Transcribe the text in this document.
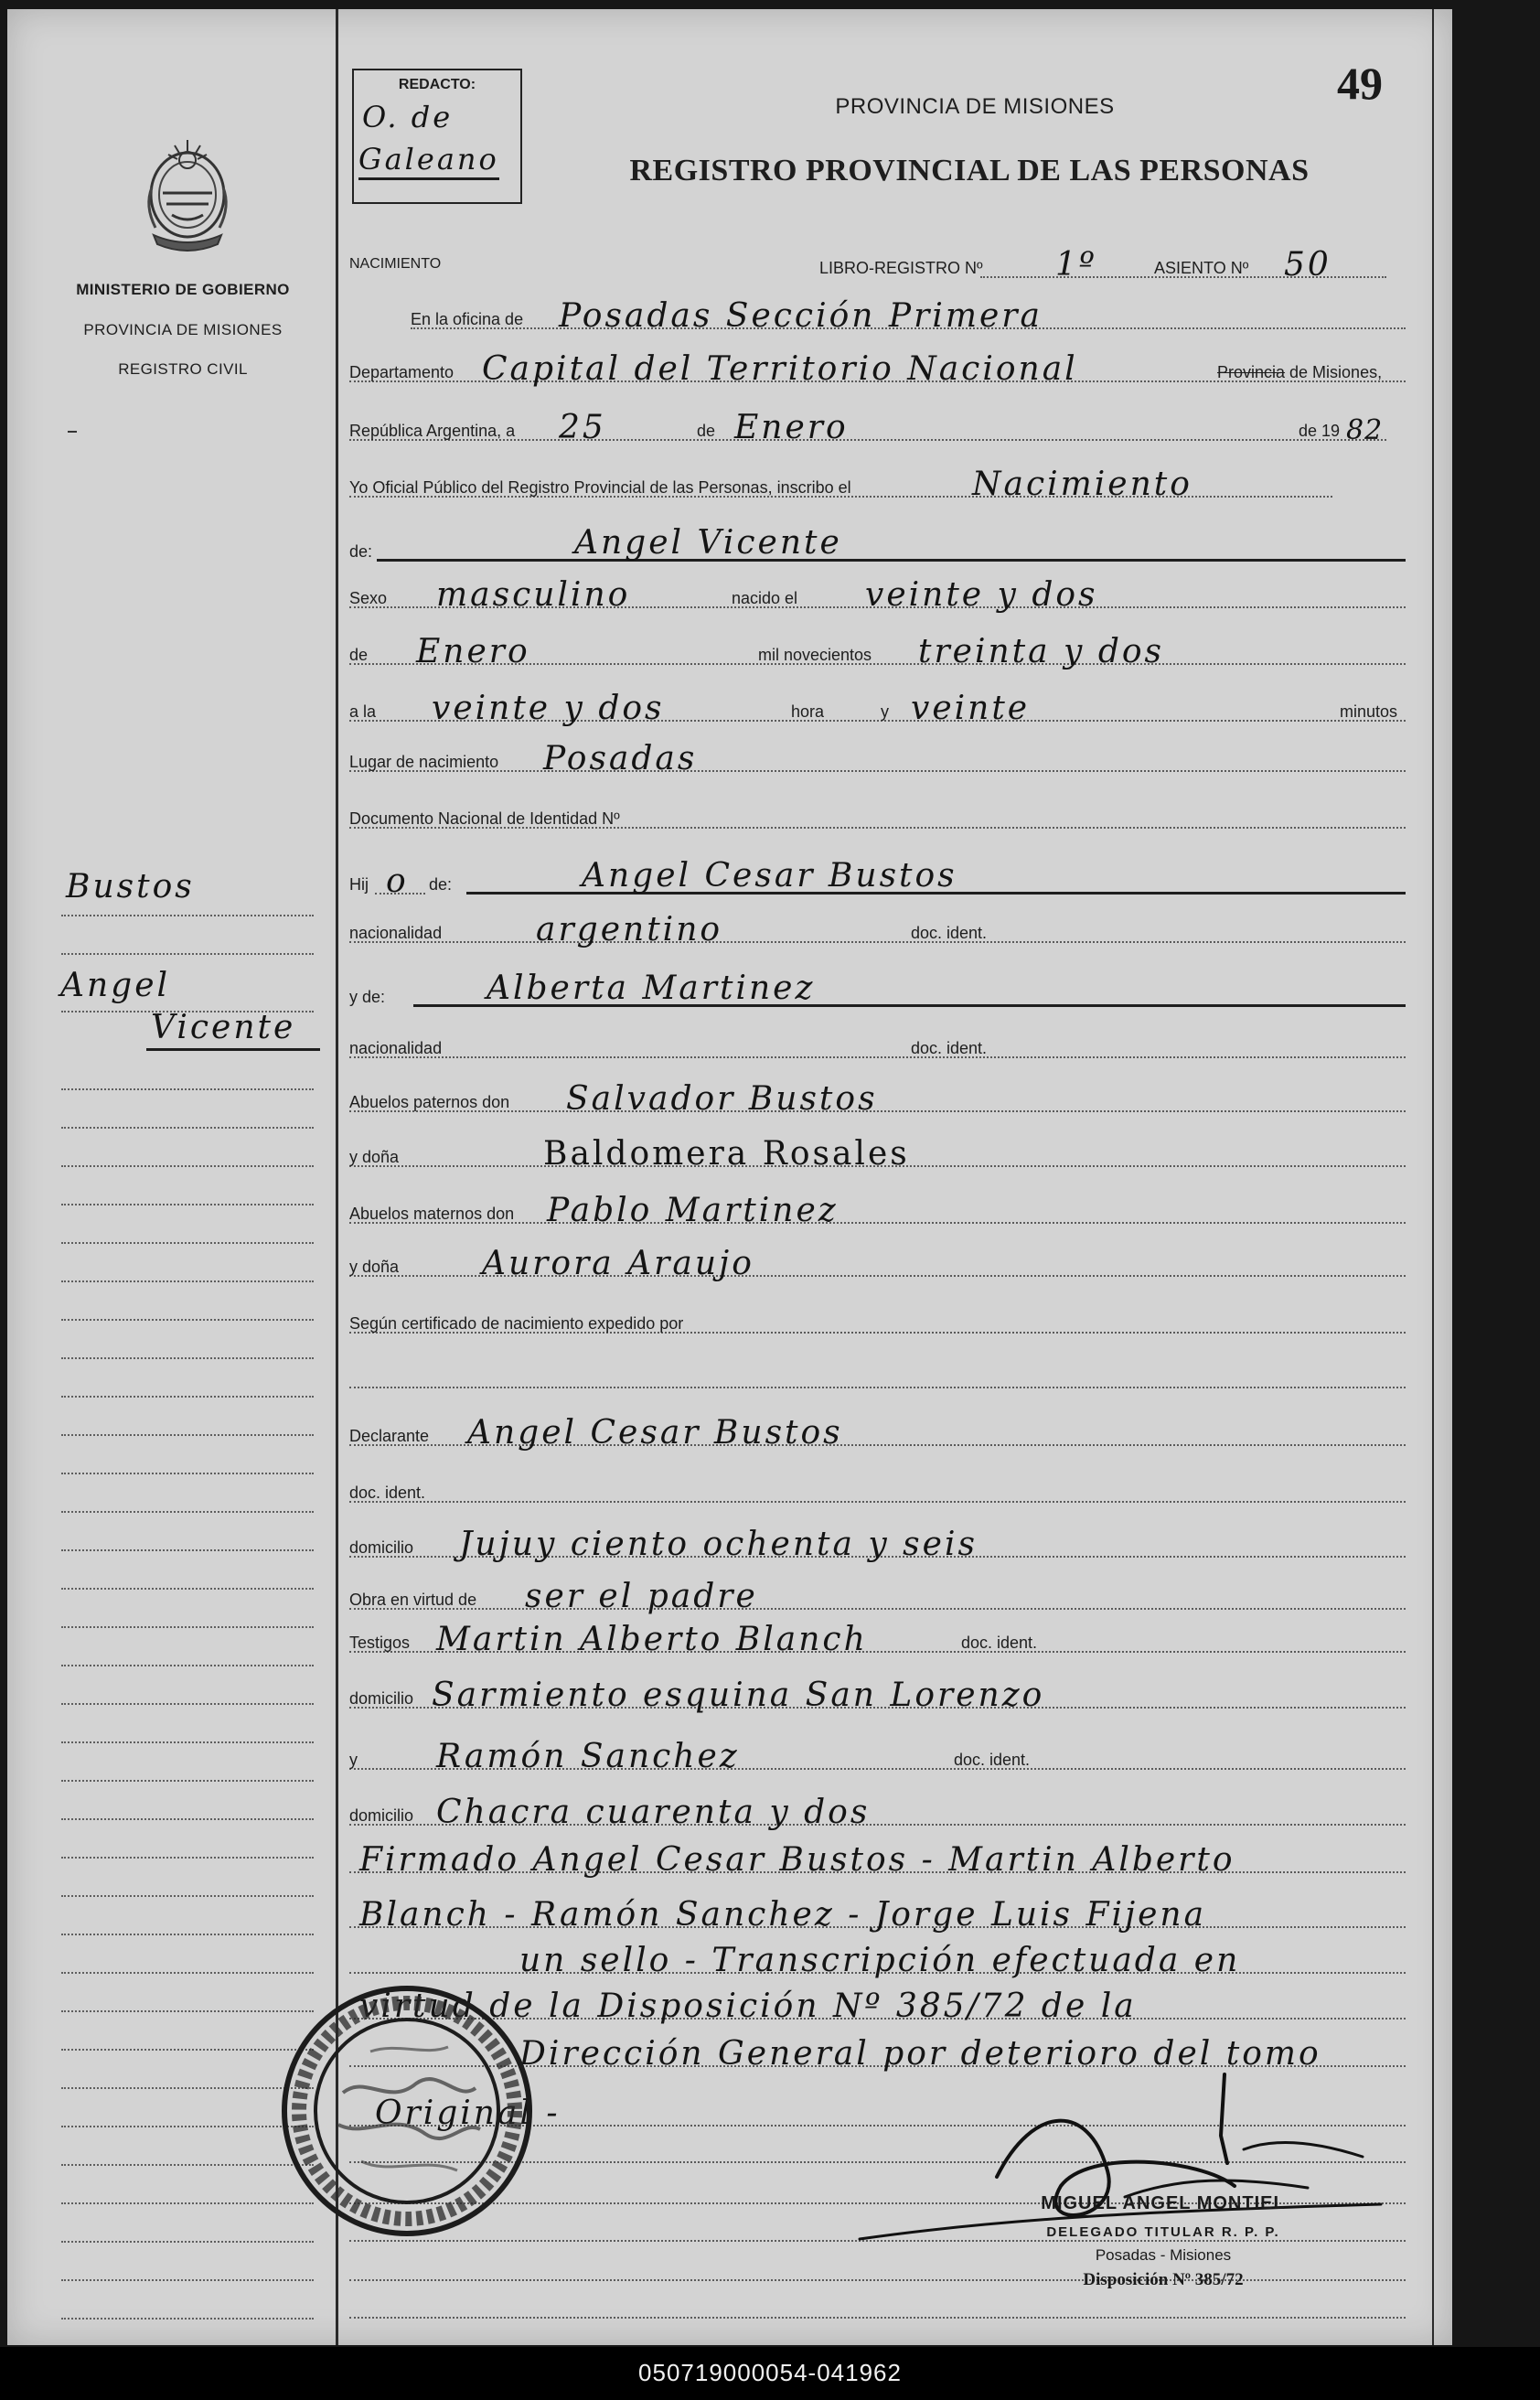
MINISTERIO DE GOBIERNO
PROVINCIA DE MISIONES
REGISTRO CIVIL
Bustos
Angel
Vicente
REDACTO:
O. de
Galeano
49
PROVINCIA DE MISIONES
REGISTRO PROVINCIAL DE LAS PERSONAS
NACIMIENTO	LIBRO-REGISTRO Nº 1º	ASIENTO Nº 50
En la oficina de Posadas Sección Primera
Departamento Capital del Territorio Nacional	Provincia de Misiones,
República Argentina, a 25	de Enero	de 19 82
Yo Oficial Público del Registro Provincial de las Personas, inscribo el	Nacimiento
de:	Angel Vicente
Sexo masculino	nacido el veinte y dos
de Enero	mil novecientos treinta y dos
a la veinte y dos	hora	y veinte	minutos
Lugar de nacimiento Posadas
Documento Nacional de Identidad Nº
Hij o de:	Angel Cesar Bustos
nacionalidad	argentino	doc. ident.
y de:	Alberta Martinez
nacionalidad	doc. ident.
Abuelos paternos don Salvador Bustos
y doña	Baldomera Rosales
Abuelos maternos don Pablo Martinez
y doña	Aurora Araujo
Según certificado de nacimiento expedido por
Declarante Angel Cesar Bustos
doc. ident.
domicilio Jujuy ciento ochenta y seis
Obra en virtud de ser el padre
Testigos Martin Alberto Blanch	doc. ident.
domicilio Sarmiento esquina San Lorenzo
y Ramón Sanchez	doc. ident.
domicilio Chacra cuarenta y dos
Firmado Angel Cesar Bustos - Martin Alberto
Blanch - Ramón Sanchez - Jorge Luis Fijena
un sello - Transcripción efectuada en
virtud de la Disposición Nº 385/72 de la
Dirección General por deterioro del tomo
Original -
MIGUEL ANGEL MONTIEL
DELEGADO TITULAR R. P. P.
Posadas - Misiones
Disposición Nº 385/72
050719000054-041962
